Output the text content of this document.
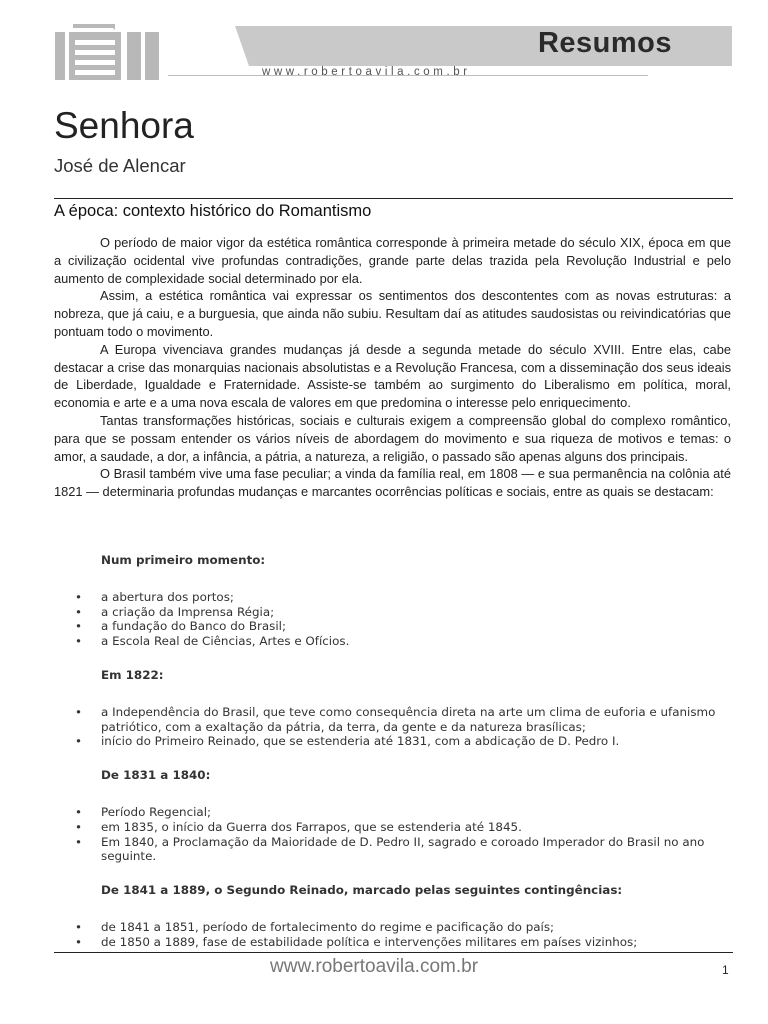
Resumos
www.robertoavila.com.br
Senhora
José de Alencar
A época: contexto histórico do Romantismo

O período de maior vigor da estética romântica corresponde à primeira metade do século XIX, época em que a civilização ocidental vive profundas contradições, grande parte delas trazida pela Revolução Industrial e pelo aumento de complexidade social determinado por ela.

Assim, a estética romântica vai expressar os sentimentos dos descontentes com as novas estruturas: a nobreza, que já caiu, e a burguesia, que ainda não subiu. Resultam daí as atitudes saudosistas ou reivindicatórias que pontuam todo o movimento.

A Europa vivenciava grandes mudanças já desde a segunda metade do século XVIII. Entre elas, cabe destacar a crise das monarquias nacionais absolutistas e a Revolução Francesa, com a disseminação dos seus ideais de Liberdade, Igualdade e Fraternidade. Assiste-se também ao surgimento do Liberalismo em política, moral, economia e arte e a uma nova escala de valores em que predomina o interesse pelo enriquecimento.

Tantas transformações históricas, sociais e culturais exigem a compreensão global do complexo romântico, para que se possam entender os vários níveis de abordagem do movimento e sua riqueza de motivos e temas: o amor, a saudade, a dor, a infância, a pátria, a natureza, a religião, o passado são apenas alguns dos principais.

O Brasil também vive uma fase peculiar; a vinda da família real, em 1808 — e sua permanência na colônia até 1821 — determinaria profundas mudanças e marcantes ocorrências políticas e sociais, entre as quais se destacam:

Num primeiro momento:
• a abertura dos portos;
• a criação da Imprensa Régia;
• a fundação do Banco do Brasil;
• a Escola Real de Ciências, Artes e Ofícios.
Em 1822:
• a Independência do Brasil, que teve como consequência direta na arte um clima de euforia e ufanismo patriótico, com a exaltação da pátria, da terra, da gente e da natureza brasílicas;
• início do Primeiro Reinado, que se estenderia até 1831, com a abdicação de D. Pedro I.
De 1831 a 1840:
• Período Regencial;
• em 1835, o início da Guerra dos Farrapos, que se estenderia até 1845.
• Em 1840, a Proclamação da Maioridade de D. Pedro II, sagrado e coroado Imperador do Brasil no ano seguinte.
De 1841 a 1889, o Segundo Reinado, marcado pelas seguintes contingências:
• de 1841 a 1851, período de fortalecimento do regime e pacificação do país;
• de 1850 a 1889, fase de estabilidade política e intervenções militares em países vizinhos;
www.robertoavila.com.br	1
